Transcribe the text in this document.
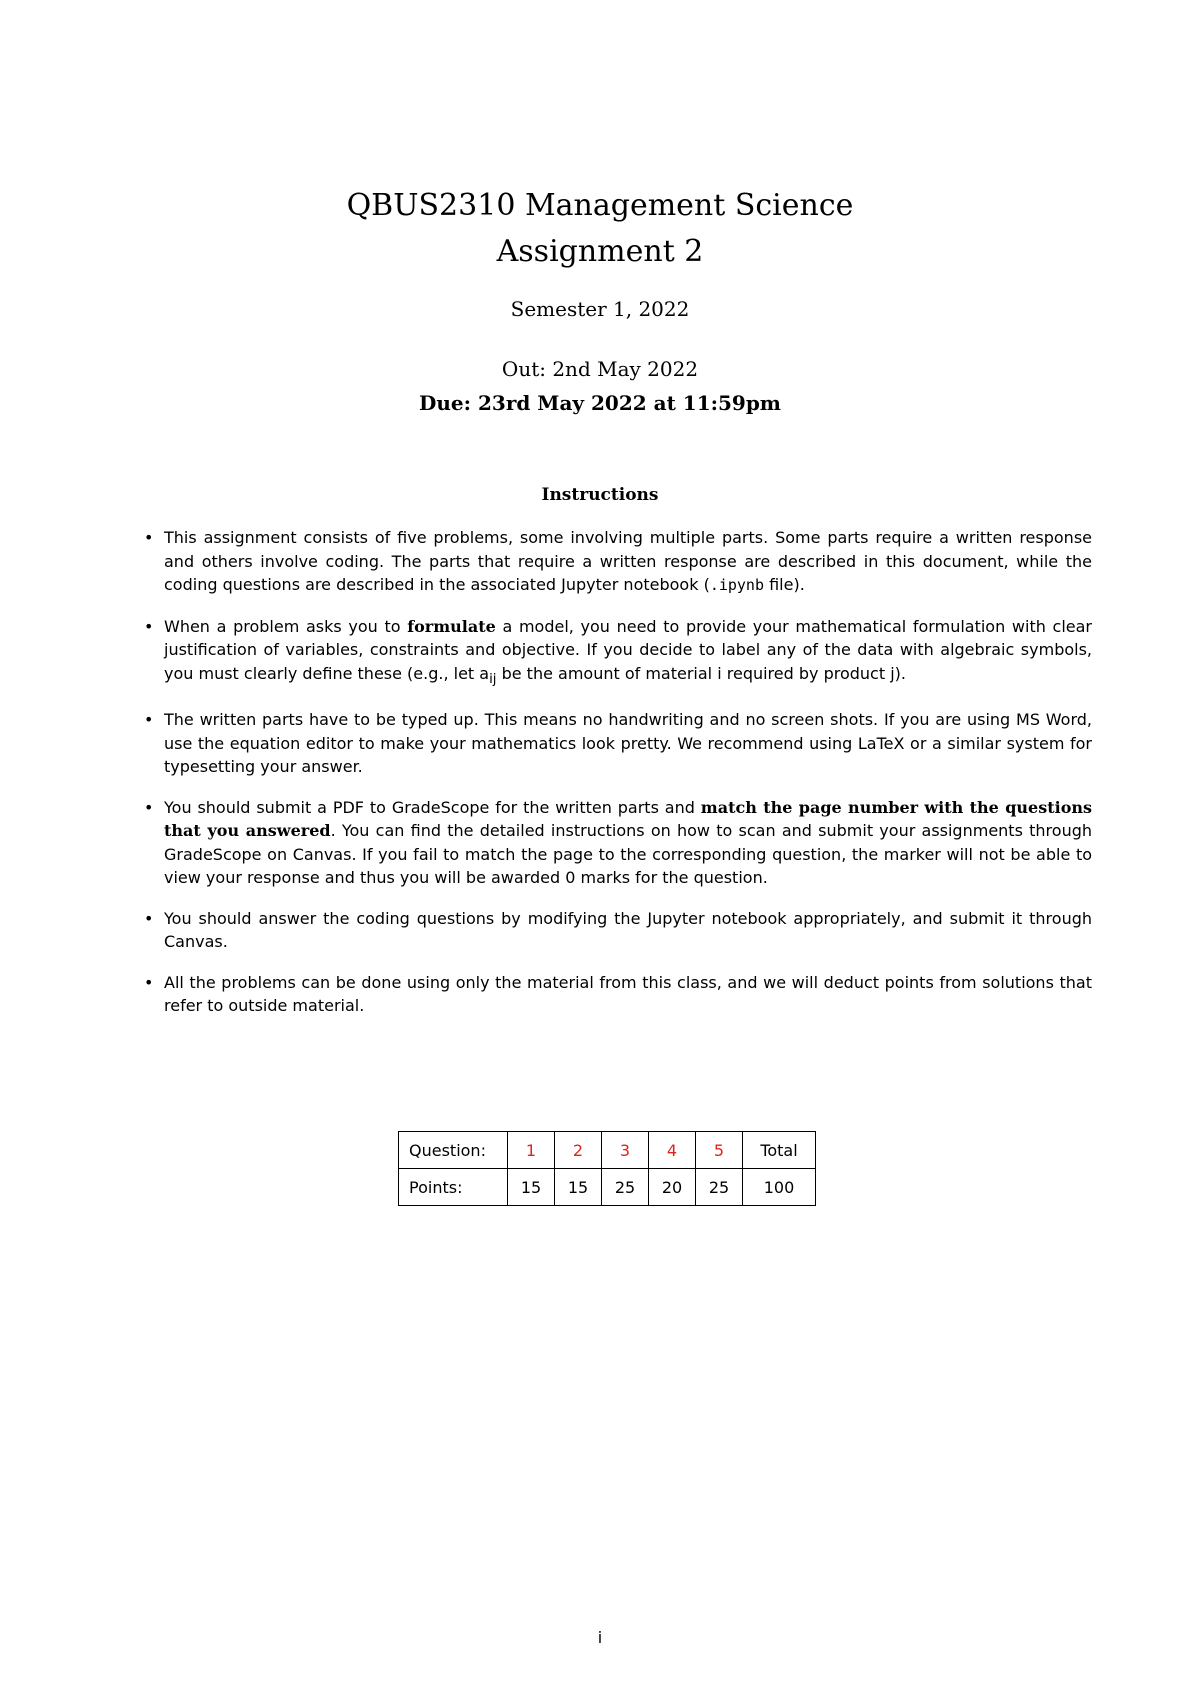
QBUS2310 Management Science
Assignment 2
Semester 1, 2022
Out: 2nd May 2022
Due: 23rd May 2022 at 11:59pm
Instructions
• This assignment consists of five problems, some involving multiple parts. Some parts require a written response and others involve coding. The parts that require a written response are described in this document, while the coding questions are described in the associated Jupyter notebook (.ipynb file).
• When a problem asks you to formulate a model, you need to provide your mathematical formulation with clear justification of variables, constraints and objective. If you decide to label any of the data with algebraic symbols, you must clearly define these (e.g., let $a_{ij}$ be the amount of material i required by product j).
• The written parts have to be typed up. This means no handwriting and no screen shots. If you are using MS Word, use the equation editor to make your mathematics look pretty. We recommend using LaTeX or a similar system for typesetting your answer.
• You should submit a PDF to GradeScope for the written parts and match the page number with the questions that you answered. You can find the detailed instructions on how to scan and submit your assignments through GradeScope on Canvas. If you fail to match the page to the corresponding question, the marker will not be able to view your response and thus you will be awarded 0 marks for the question.
• You should answer the coding questions by modifying the Jupyter notebook appropriately, and submit it through Canvas.
• All the problems can be done using only the material from this class, and we will deduct points from solutions that refer to outside material.
Question:	1	2	3	4	5	Total
Points:	15	15	25	20	25	100
i
